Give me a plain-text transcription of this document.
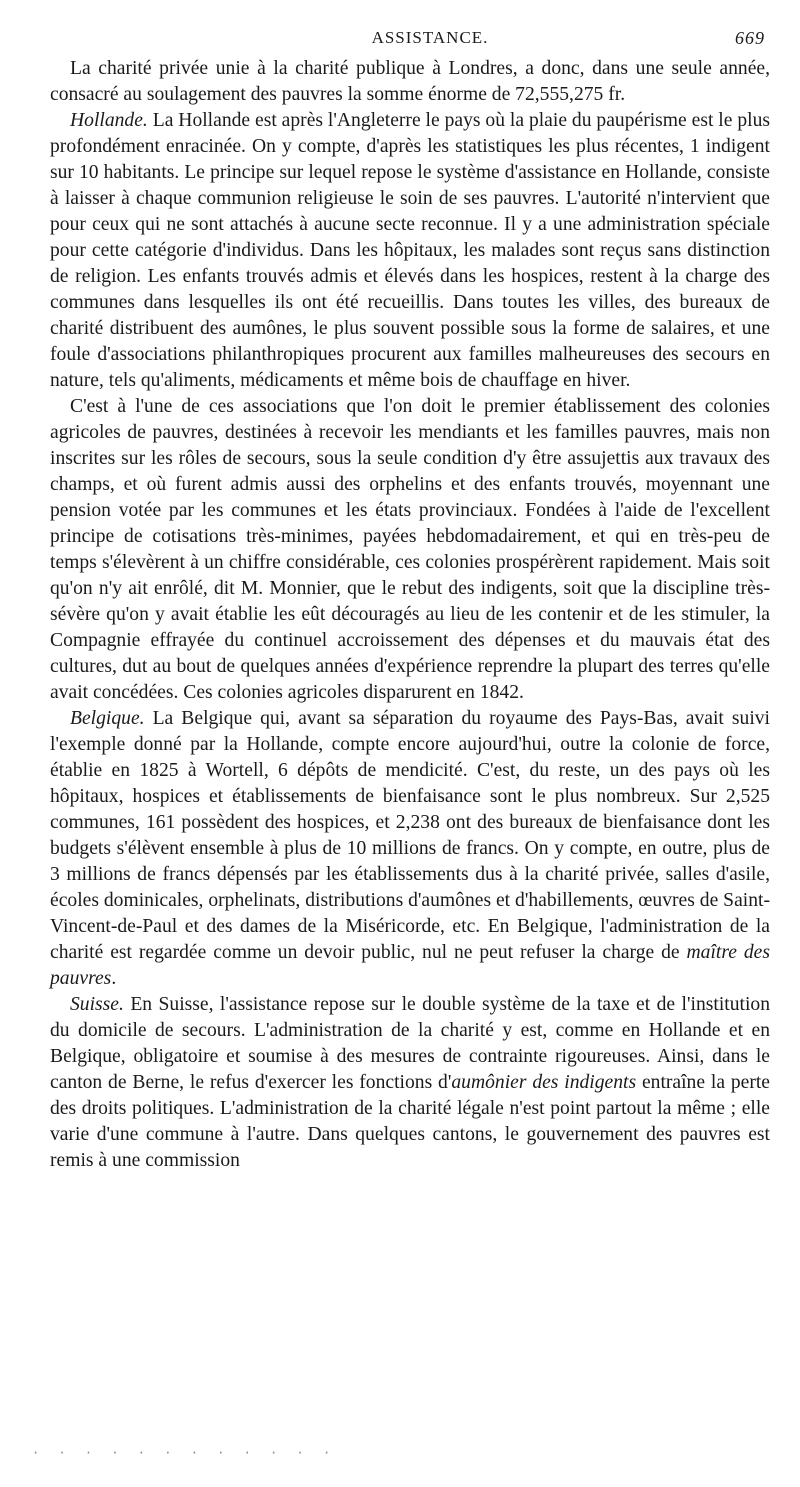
ASSISTANCE.	669

La charité privée unie à la charité publique à Londres, a donc, dans une seule année, consacré au soulagement des pauvres la somme énorme de 72,555,275 fr.

Hollande. La Hollande est après l'Angleterre le pays où la plaie du paupérisme est le plus profondément enracinée. On y compte, d'après les statistiques les plus récentes, 1 indigent sur 10 habitants. Le principe sur lequel repose le système d'assistance en Hollande, consiste à laisser à chaque communion religieuse le soin de ses pauvres. L'autorité n'intervient que pour ceux qui ne sont attachés à aucune secte reconnue. Il y a une administration spéciale pour cette catégorie d'individus. Dans les hôpitaux, les malades sont reçus sans distinction de religion. Les enfants trouvés admis et élevés dans les hospices, restent à la charge des communes dans lesquelles ils ont été recueillis. Dans toutes les villes, des bureaux de charité distribuent des aumônes, le plus souvent possible sous la forme de salaires, et une foule d'associations philanthropiques procurent aux familles malheureuses des secours en nature, tels qu'aliments, médicaments et même bois de chauffage en hiver.

C'est à l'une de ces associations que l'on doit le premier établissement des colonies agricoles de pauvres, destinées à recevoir les mendiants et les familles pauvres, mais non inscrites sur les rôles de secours, sous la seule condition d'y être assujettis aux travaux des champs, et où furent admis aussi des orphelins et des enfants trouvés, moyennant une pension votée par les communes et les états provinciaux. Fondées à l'aide de l'excellent principe de cotisations très-minimes, payées hebdomadairement, et qui en très-peu de temps s'élevèrent à un chiffre considérable, ces colonies prospérèrent rapidement. Mais soit qu'on n'y ait enrôlé, dit M. Monnier, que le rebut des indigents, soit que la discipline très-sévère qu'on y avait établie les eût découragés au lieu de les contenir et de les stimuler, la Compagnie effrayée du continuel accroissement des dépenses et du mauvais état des cultures, dut au bout de quelques années d'expérience reprendre la plupart des terres qu'elle avait concédées. Ces colonies agricoles disparurent en 1842.

Belgique. La Belgique qui, avant sa séparation du royaume des Pays-Bas, avait suivi l'exemple donné par la Hollande, compte encore aujourd'hui, outre la colonie de force, établie en 1825 à Wortell, 6 dépôts de mendicité. C'est, du reste, un des pays où les hôpitaux, hospices et établissements de bienfaisance sont le plus nombreux. Sur 2,525 communes, 161 possèdent des hospices, et 2,238 ont des bureaux de bienfaisance dont les budgets s'élèvent ensemble à plus de 10 millions de francs. On y compte, en outre, plus de 3 millions de francs dépensés par les établissements dus à la charité privée, salles d'asile, écoles dominicales, orphelinats, distributions d'aumônes et d'habillements, œuvres de Saint-Vincent-de-Paul et des dames de la Miséricorde, etc. En Belgique, l'administration de la charité est regardée comme un devoir public, nul ne peut refuser la charge de maître des pauvres.

Suisse. En Suisse, l'assistance repose sur le double système de la taxe et de l'institution du domicile de secours. L'administration de la charité y est, comme en Hollande et en Belgique, obligatoire et soumise à des mesures de contrainte rigoureuses. Ainsi, dans le canton de Berne, le refus d'exercer les fonctions d'aumônier des indigents entraîne la perte des droits politiques. L'administration de la charité légale n'est point partout la même ; elle varie d'une commune à l'autre. Dans quelques cantons, le gouvernement des pauvres est remis à une commission

· · · · · · · · · · · ·
